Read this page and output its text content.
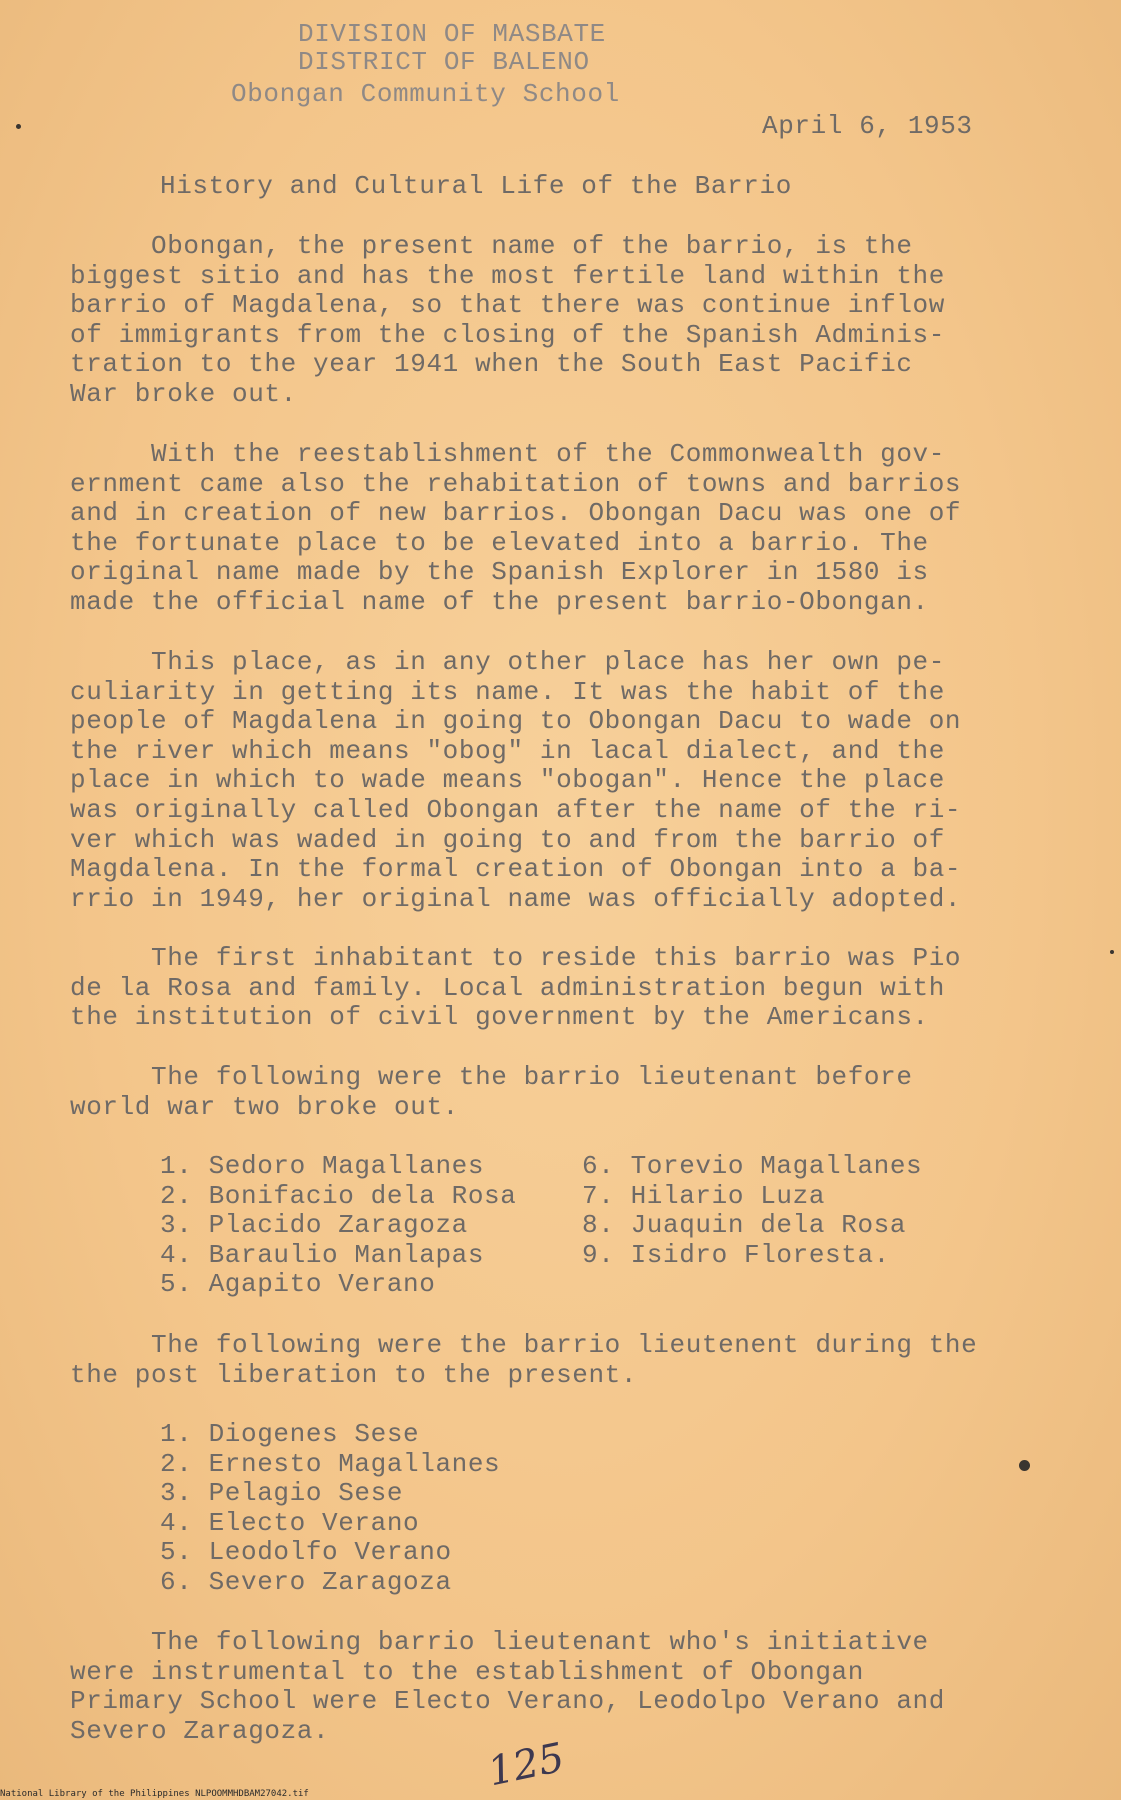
DIVISION OF MASBATE
DISTRICT OF BALENO
Obongan Community School
April 6, 1953
History and Cultural Life of the Barrio
Obongan, the present name of the barrio, is the
biggest sitio and has the most fertile land within the
barrio of Magdalena, so that there was continue inflow
of immigrants from the closing of the Spanish Adminis-
tration to the year 1941 when the South East Pacific
War broke out.
With the reestablishment of the Commonwealth gov-
ernment came also the rehabitation of towns and barrios
and in creation of new barrios. Obongan Dacu was one of
the fortunate place to be elevated into a barrio. The
original name made by the Spanish Explorer in 1580 is
made the official name of the present barrio-Obongan.
This place, as in any other place has her own pe-
culiarity in getting its name. It was the habit of the
people of Magdalena in going to Obongan Dacu to wade on
the river which means "obog" in lacal dialect, and the
place in which to wade means "obogan". Hence the place
was originally called Obongan after the name of the ri-
ver which was waded in going to and from the barrio of
Magdalena. In the formal creation of Obongan into a ba-
rrio in 1949, her original name was officially adopted.
The first inhabitant to reside this barrio was Pio
de la Rosa and family. Local administration begun with
the institution of civil government by the Americans.
The following were the barrio lieutenant before
world war two broke out.
1. Sedoro Magallanes
2. Bonifacio dela Rosa
3. Placido Zaragoza
4. Baraulio Manlapas
5. Agapito Verano
6. Torevio Magallanes
7. Hilario Luza
8. Juaquin dela Rosa
9. Isidro Floresta.
The following were the barrio lieutenent during the
the post liberation to the present.
1. Diogenes Sese
2. Ernesto Magallanes
3. Pelagio Sese
4. Electo Verano
5. Leodolfo Verano
6. Severo Zaragoza
The following barrio lieutenant who's initiative
were instrumental to the establishment of Obongan
Primary School were Electo Verano, Leodolpo Verano and
Severo Zaragoza.
125
National Library of the Philippines NLPOOMMHDBAM27042.tif
